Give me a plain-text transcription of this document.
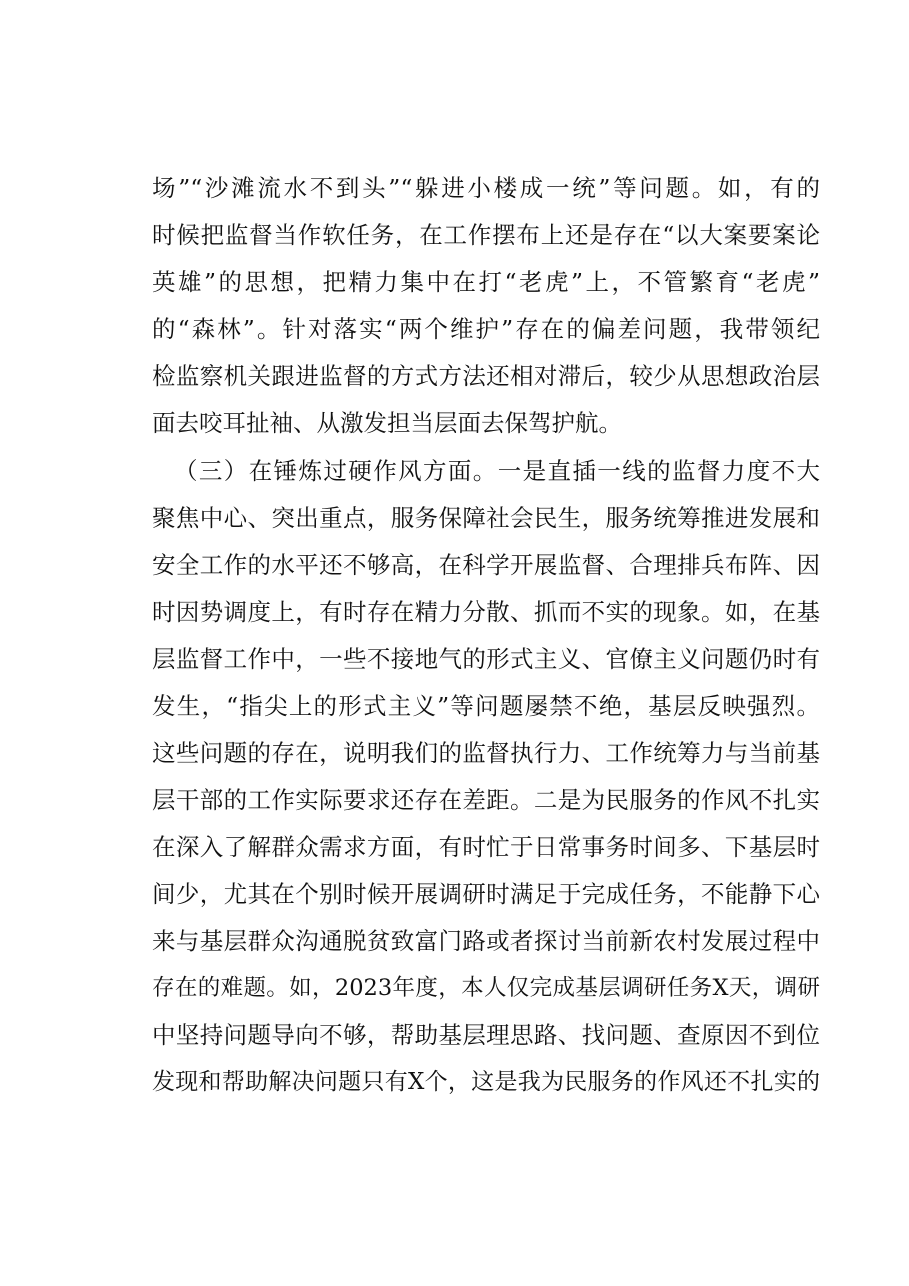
场”“沙滩流水不到头”“躲进小楼成一统”等问题。如，有的
时候把监督当作软任务，在工作摆布上还是存在“以大案要案论
英雄”的思想，把精力集中在打“老虎”上，不管繁育“老虎”
的“森林”。针对落实“两个维护”存在的偏差问题，我带领纪
检监察机关跟进监督的方式方法还相对滞后，较少从思想政治层
面去咬耳扯袖、从激发担当层面去保驾护航。
（三）在锤炼过硬作风方面。一是直插一线的监督力度不大
聚焦中心、突出重点，服务保障社会民生，服务统筹推进发展和
安全工作的水平还不够高，在科学开展监督、合理排兵布阵、因
时因势调度上，有时存在精力分散、抓而不实的现象。如，在基
层监督工作中，一些不接地气的形式主义、官僚主义问题仍时有
发生，“指尖上的形式主义”等问题屡禁不绝，基层反映强烈。
这些问题的存在，说明我们的监督执行力、工作统筹力与当前基
层干部的工作实际要求还存在差距。二是为民服务的作风不扎实
在深入了解群众需求方面，有时忙于日常事务时间多、下基层时
间少，尤其在个别时候开展调研时满足于完成任务，不能静下心
来与基层群众沟通脱贫致富门路或者探讨当前新农村发展过程中
存在的难题。如，2023年度，本人仅完成基层调研任务X天，调研
中坚持问题导向不够，帮助基层理思路、找问题、查原因不到位
发现和帮助解决问题只有X个，这是我为民服务的作风还不扎实的
